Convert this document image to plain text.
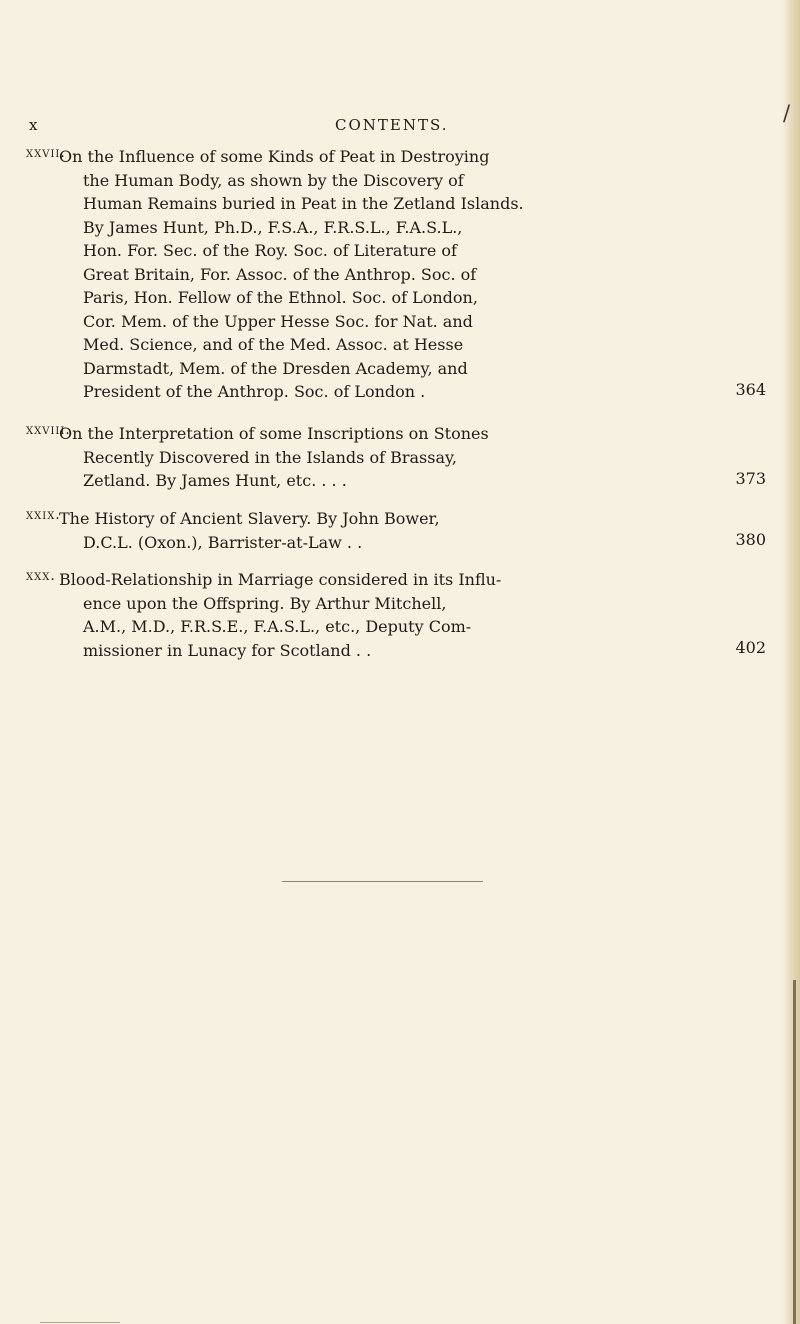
x	CONTENTS.	/
xxvii.
On the Influence of some Kinds of Peat in Destroying
the Human Body, as shown by the Discovery of
Human Remains buried in Peat in the Zetland Islands.
By James Hunt, Ph.D., F.S.A., F.R.S.L., F.A.S.L.,
Hon. For. Sec. of the Roy. Soc. of Literature of
Great Britain, For. Assoc. of the Anthrop. Soc. of
Paris, Hon. Fellow of the Ethnol. Soc. of London,
Cor. Mem. of the Upper Hesse Soc. for Nat. and
Med. Science, and of the Med. Assoc. at Hesse
Darmstadt, Mem. of the Dresden Academy, and
President of the Anthrop. Soc. of London .	364
xxviii.
On the Interpretation of some Inscriptions on Stones
Recently Discovered in the Islands of Brassay,
Zetland. By James Hunt, etc. . . .	373
xxix.
The History of Ancient Slavery. By John Bower,
D.C.L. (Oxon.), Barrister-at-Law . .	380
xxx. Blood-Relationship in Marriage considered in its Influ-
ence upon the Offspring. By Arthur Mitchell,
A.M., M.D., F.R.S.E., F.A.S.L., etc., Deputy Com-
missioner in Lunacy for Scotland . .	402
